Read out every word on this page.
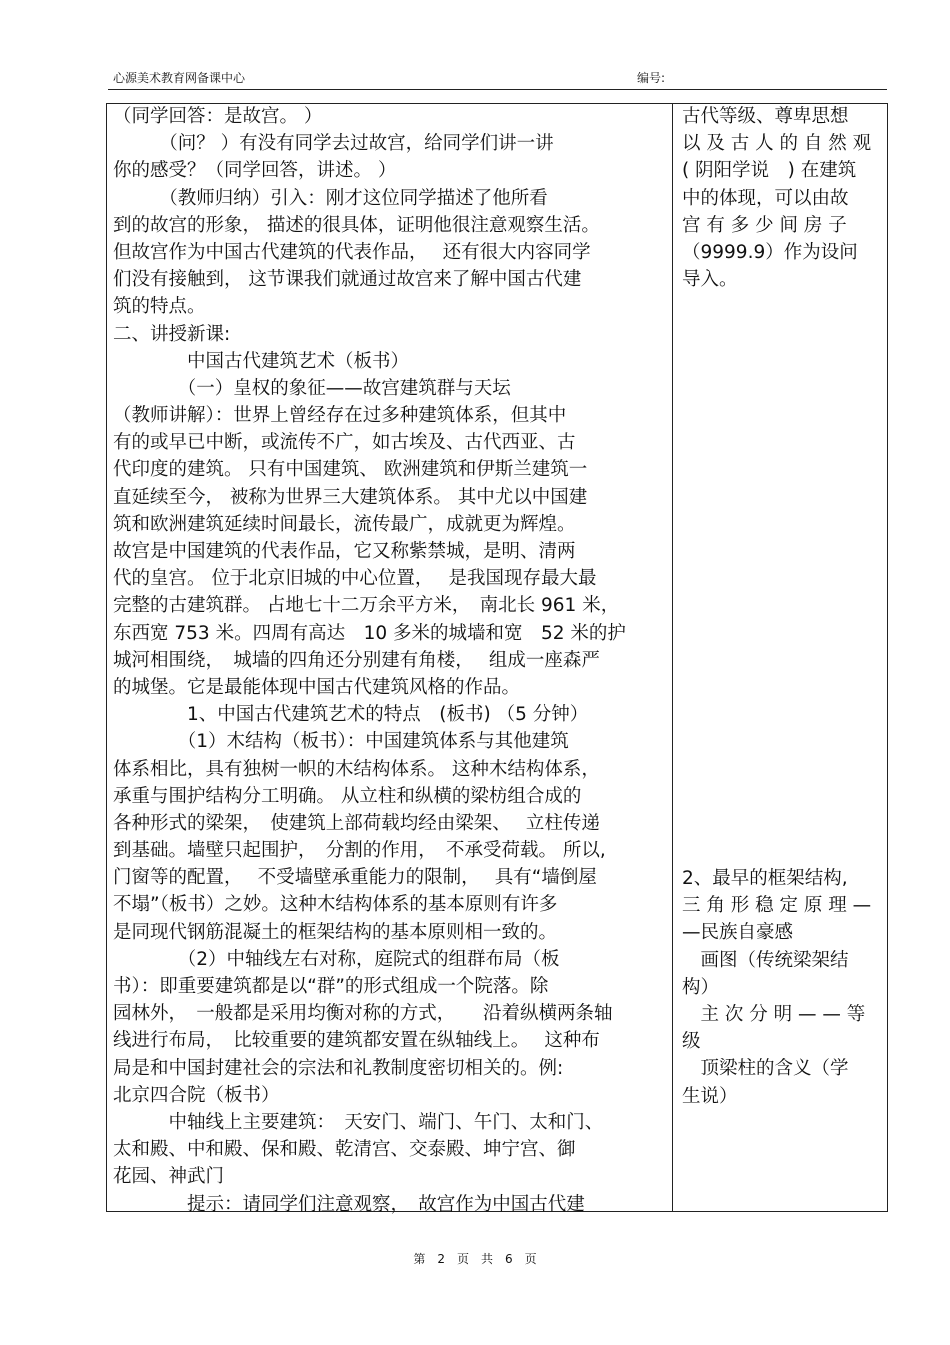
心源美术教育网备课中心	编号:
（同学回答：是故宫。 ）
　　　（问？ ）有没有同学去过故宫，给同学们讲一讲
你的感受？（同学回答，讲述。 ）
　　　（教师归纳）引入：刚才这位同学描述了他所看
到的故宫的形象， 描述的很具体，证明他很注意观察生活。
但故宫作为中国古代建筑的代表作品，　 还有很大内容同学
们没有接触到， 这节课我们就通过故宫来了解中国古代建
筑的特点。
二、讲授新课:
　　　　中国古代建筑艺术（板书）
　　　　（一）皇权的象征——故宫建筑群与天坛
（教师讲解）：世界上曾经存在过多种建筑体系，但其中
有的或早已中断，或流传不广，如古埃及、古代西亚、古
代印度的建筑。 只有中国建筑、 欧洲建筑和伊斯兰建筑一
直延续至今， 被称为世界三大建筑体系。 其中尤以中国建
筑和欧洲建筑延续时间最长，流传最广，成就更为辉煌。
故宫是中国建筑的代表作品，它又称紫禁城，是明、清两
代的皇宫。 位于北京旧城的中心位置，　 是我国现存最大最
完整的古建筑群。 占地七十二万余平方米，　南北长 961 米，
东西宽 753 米。四周有高达　10 多米的城墙和宽　52 米的护
城河相围绕，　城墙的四角还分别建有角楼，　 组成一座森严
的城堡。它是最能体现中国古代建筑风格的作品。
　　　　1、中国古代建筑艺术的特点　(板书) （5 分钟）
　　　　（1）木结构（板书）：中国建筑体系与其他建筑
体系相比，具有独树一帜的木结构体系。 这种木结构体系，
承重与围护结构分工明确。 从立柱和纵横的梁枋组合成的
各种形式的梁架，　使建筑上部荷载均经由梁架、　 立柱传递
到基础。墙壁只起围护，　分割的作用，　不承受荷载。 所以,
门窗等的配置，　 不受墙壁承重能力的限制，　 具有“墙倒屋
不塌”（板书）之妙。这种木结构体系的基本原则有许多
是同现代钢筋混凝土的框架结构的基本原则相一致的。
　　　　（2）中轴线左右对称，庭院式的组群布局（板
书）：即重要建筑都是以“群”的形式组成一个院落。除
园林外，　一般都是采用均衡对称的方式，　　沿着纵横两条轴
线进行布局，　比较重要的建筑都安置在纵轴线上。　 这种布
局是和中国封建社会的宗法和礼教制度密切相关的。例:
北京四合院（板书）
　　　中轴线上主要建筑：　天安门、端门、午门、太和门、
太和殿、中和殿、保和殿、乾清宫、交泰殿、坤宁宫、御
花园、神武门
　　　　提示：请同学们注意观察，　故宫作为中国古代建
古代等级、尊卑思想
以 及 古 人 的 自 然 观
( 阴阳学说　) 在建筑
中的体现，可以由故
宫 有 多 少 间 房 子
（9999.9）作为设问
导入。
2、最早的框架结构,
三 角 形 稳 定 原 理 —
—民族自豪感
　画图（传统梁架结
构）
　主 次 分 明 — — 等
级
　顶梁柱的含义（学
生说）
第　2　页　共　6　页
